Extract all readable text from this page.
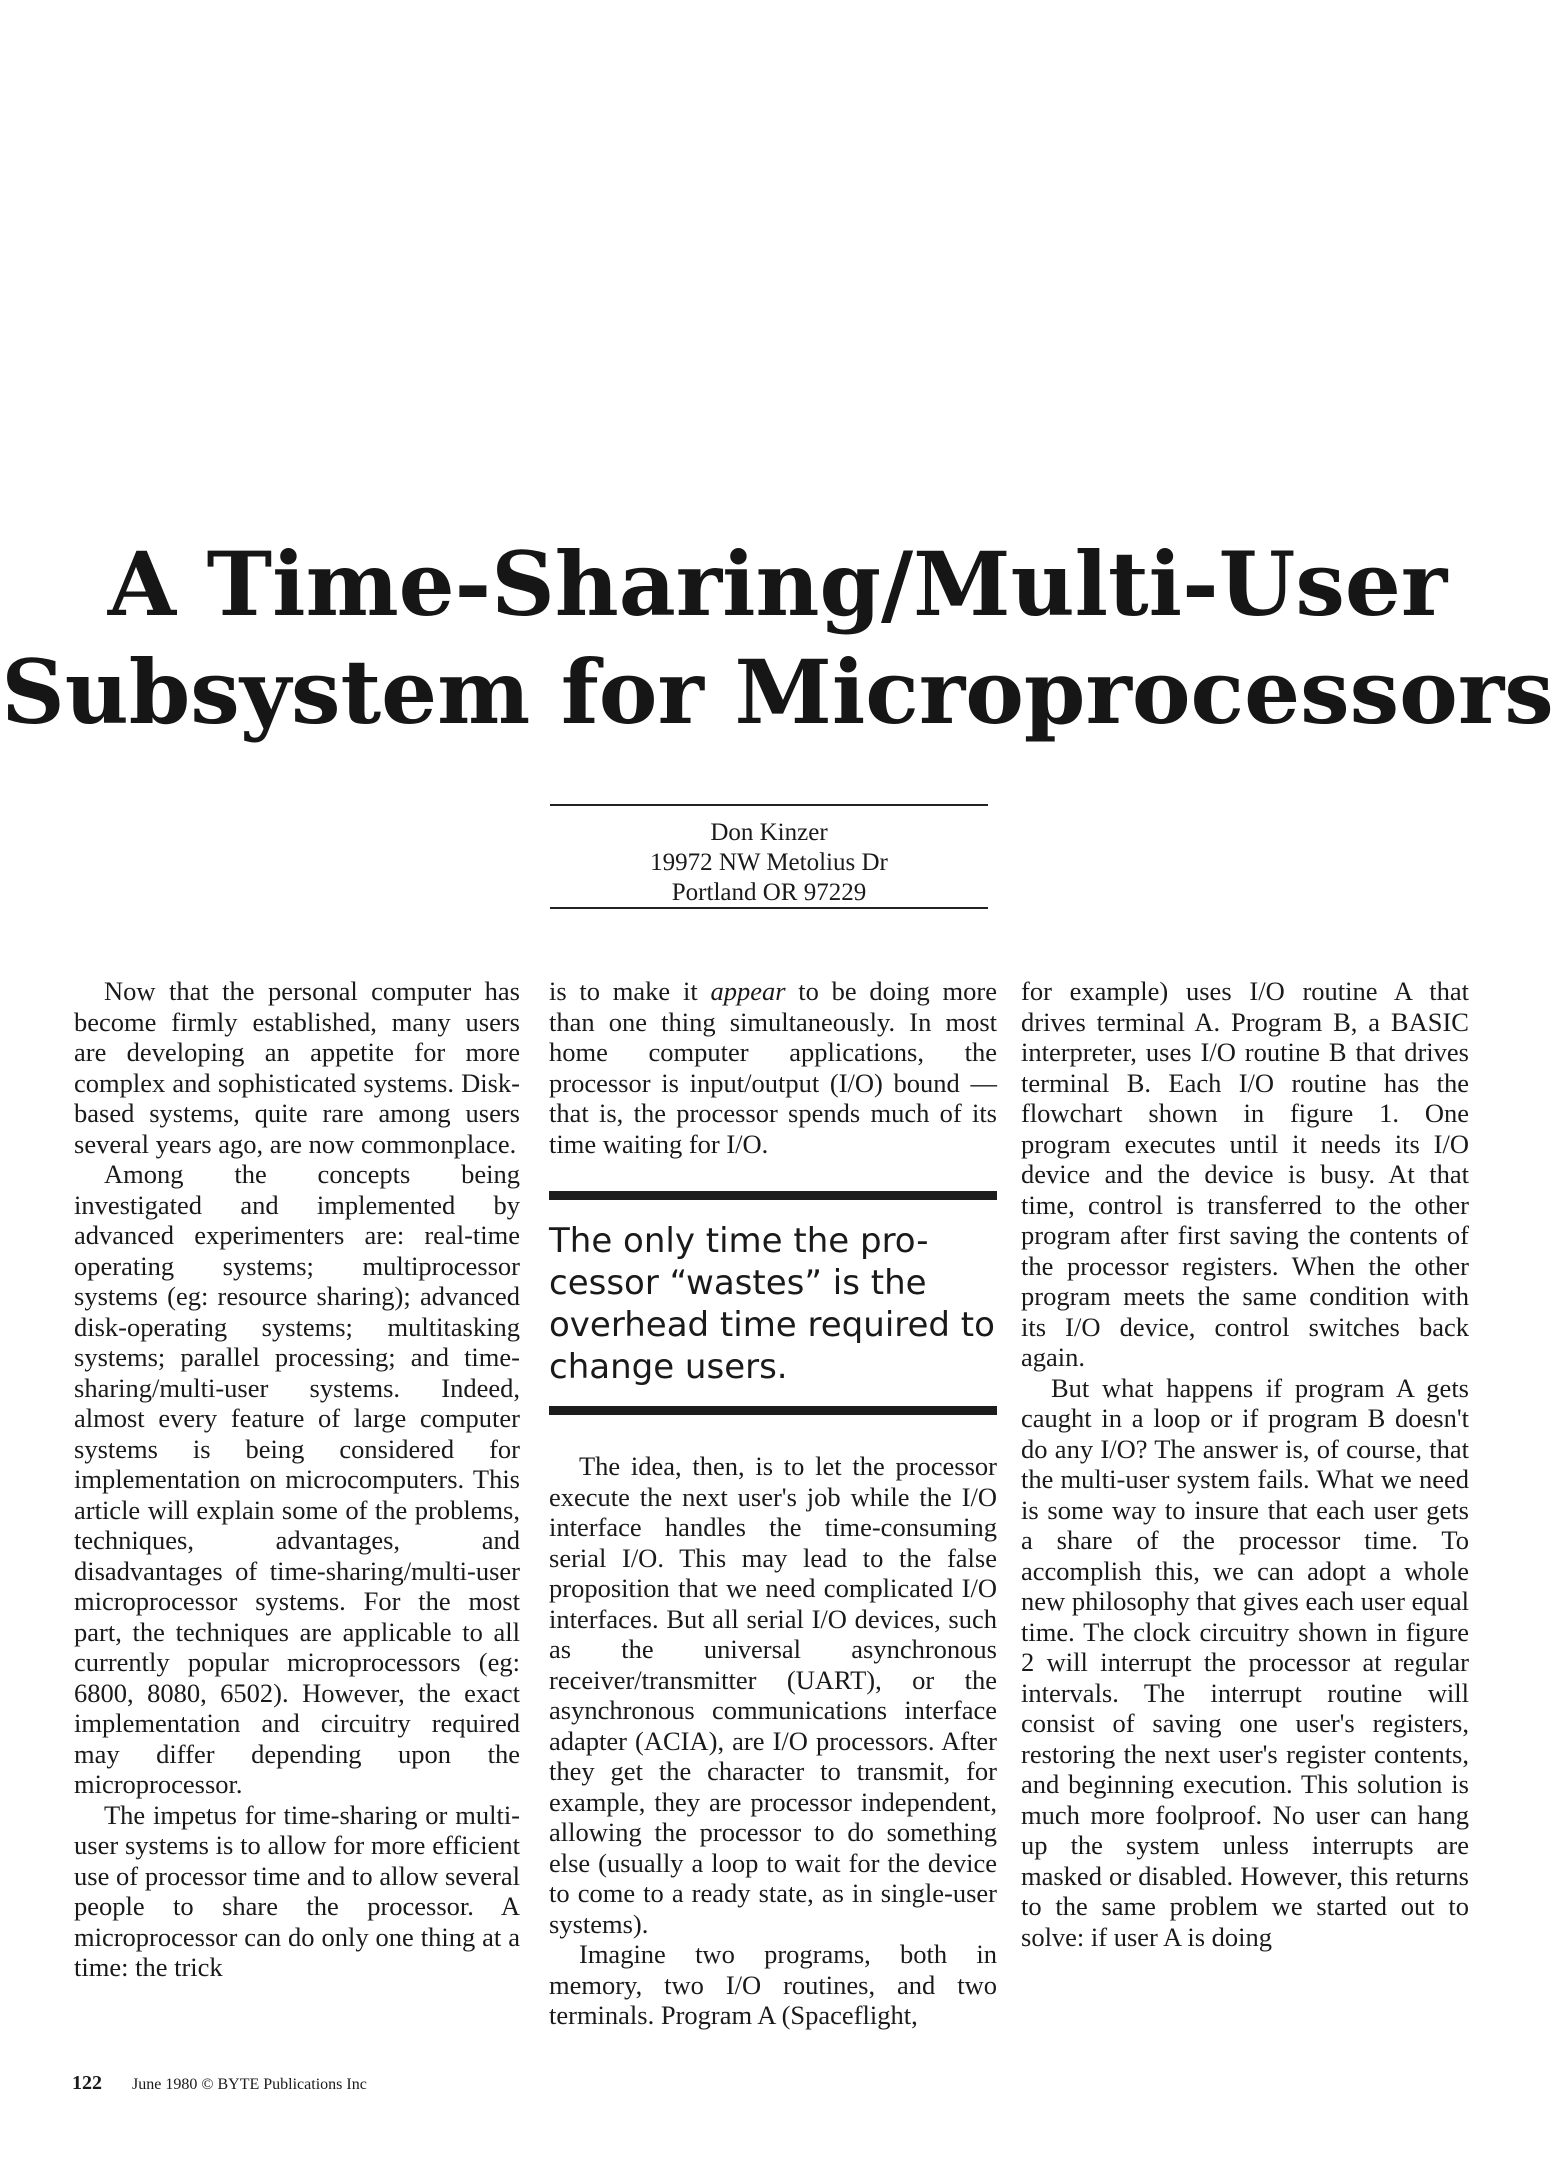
A Time-Sharing/Multi-User
Subsystem for Microprocessors
Don Kinzer
19972 NW Metolius Dr
Portland OR 97229

Now that the personal computer has become firmly established, many users are developing an appetite for more complex and sophisticated systems. Disk-based systems, quite rare among users several years ago, are now commonplace.

Among the concepts being investigated and implemented by advanced experimenters are: real-time operating systems; multiprocessor systems (eg: resource sharing); advanced disk-operating systems; multitasking systems; parallel processing; and time-sharing/multi-user systems. Indeed, almost every feature of large computer systems is being considered for implementation on microcomputers. This article will explain some of the problems, techniques, advantages, and disadvantages of time-sharing/multi-user microprocessor systems. For the most part, the techniques are applicable to all currently popular microprocessors (eg: 6800, 8080, 6502). However, the exact implementation and circuitry required may differ depending upon the microprocessor.

The impetus for time-sharing or multi-user systems is to allow for more efficient use of processor time and to allow several people to share the processor. A microprocessor can do only one thing at a time: the trick

is to make it appear to be doing more than one thing simultaneously. In most home computer applications, the processor is input/output (I/O) bound — that is, the processor spends much of its time waiting for I/O.

The only time the pro-
cessor “wastes” is the
overhead time required to
change users.

The idea, then, is to let the processor execute the next user's job while the I/O interface handles the time-consuming serial I/O. This may lead to the false proposition that we need complicated I/O interfaces. But all serial I/O devices, such as the universal asynchronous receiver/transmitter (UART), or the asynchronous communications interface adapter (ACIA), are I/O processors. After they get the character to transmit, for example, they are processor independent, allowing the processor to do something else (usually a loop to wait for the device to come to a ready state, as in single-user systems).

Imagine two programs, both in memory, two I/O routines, and two terminals. Program A (Spaceflight,

for example) uses I/O routine A that drives terminal A. Program B, a BASIC interpreter, uses I/O routine B that drives terminal B. Each I/O routine has the flowchart shown in figure 1. One program executes until it needs its I/O device and the device is busy. At that time, control is transferred to the other program after first saving the contents of the processor registers. When the other program meets the same condition with its I/O device, control switches back again.

But what happens if program A gets caught in a loop or if program B doesn't do any I/O? The answer is, of course, that the multi-user system fails. What we need is some way to insure that each user gets a share of the processor time. To accomplish this, we can adopt a whole new philosophy that gives each user equal time. The clock circuitry shown in figure 2 will interrupt the processor at regular intervals. The interrupt routine will consist of saving one user's registers, restoring the next user's register contents, and beginning execution. This solution is much more foolproof. No user can hang up the system unless interrupts are masked or disabled. However, this returns to the same problem we started out to solve: if user A is doing

122 June 1980 © BYTE Publications Inc
